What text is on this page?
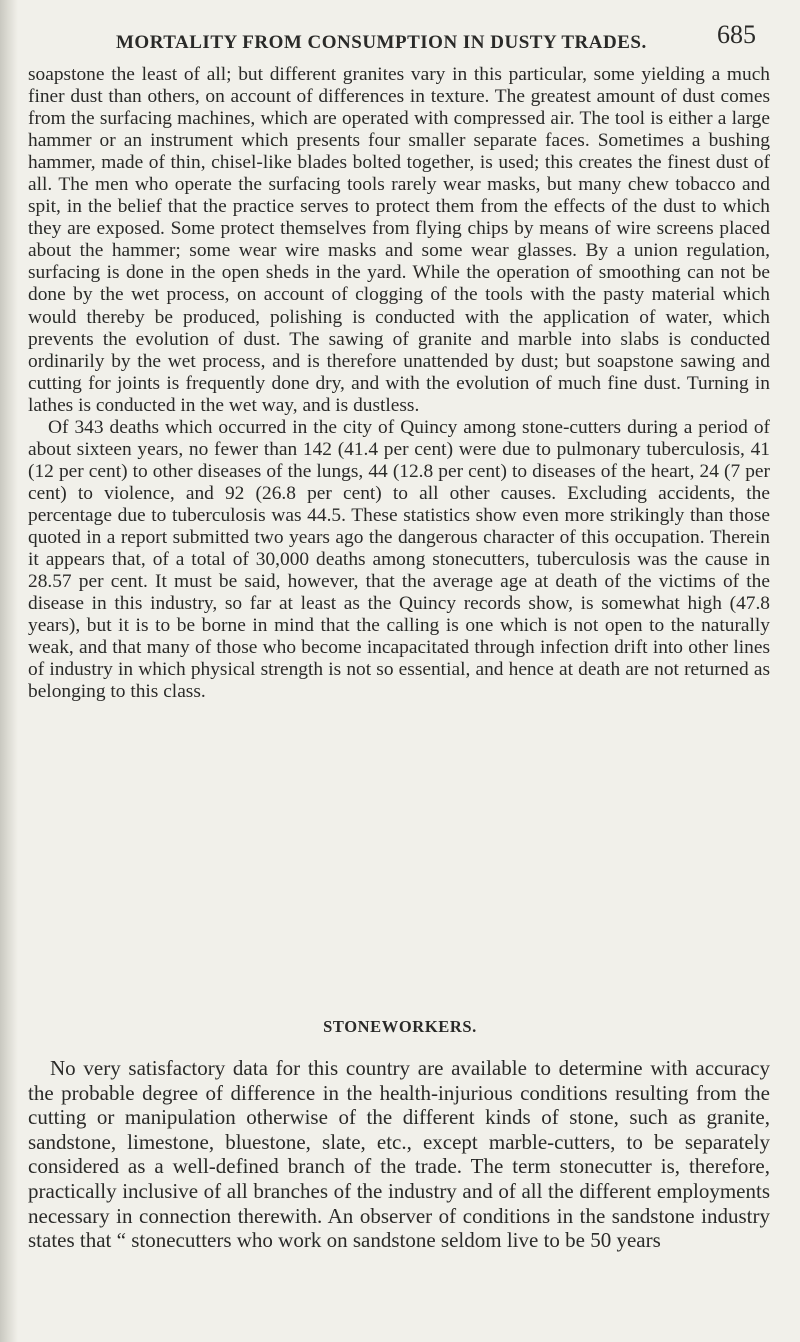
MORTALITY FROM CONSUMPTION IN DUSTY TRADES.	685

soapstone the least of all; but different granites vary in this particular, some yielding a much finer dust than others, on account of differences in texture. The greatest amount of dust comes from the surfacing machines, which are operated with compressed air. The tool is either a large hammer or an instrument which presents four smaller separate faces. Sometimes a bushing hammer, made of thin, chisel-like blades bolted together, is used; this creates the finest dust of all. The men who operate the surfacing tools rarely wear masks, but many chew tobacco and spit, in the belief that the practice serves to protect them from the effects of the dust to which they are exposed. Some protect themselves from flying chips by means of wire screens placed about the hammer; some wear wire masks and some wear glasses. By a union regulation, surfacing is done in the open sheds in the yard. While the operation of smoothing can not be done by the wet process, on account of clogging of the tools with the pasty material which would thereby be produced, polishing is conducted with the application of water, which prevents the evolution of dust. The sawing of granite and marble into slabs is conducted ordinarily by the wet process, and is therefore unattended by dust; but soapstone sawing and cutting for joints is frequently done dry, and with the evolution of much fine dust. Turning in lathes is conducted in the wet way, and is dustless.

Of 343 deaths which occurred in the city of Quincy among stone-cutters during a period of about sixteen years, no fewer than 142 (41.4 per cent) were due to pulmonary tuberculosis, 41 (12 per cent) to other diseases of the lungs, 44 (12.8 per cent) to diseases of the heart, 24 (7 per cent) to violence, and 92 (26.8 per cent) to all other causes. Excluding accidents, the percentage due to tuberculosis was 44.5. These statistics show even more strikingly than those quoted in a report submitted two years ago the dangerous character of this occupation. Therein it appears that, of a total of 30,000 deaths among stonecutters, tuberculosis was the cause in 28.57 per cent. It must be said, however, that the average age at death of the victims of the disease in this industry, so far at least as the Quincy records show, is somewhat high (47.8 years), but it is to be borne in mind that the calling is one which is not open to the naturally weak, and that many of those who become incapacitated through infection drift into other lines of industry in which physical strength is not so essential, and hence at death are not returned as belonging to this class.

STONEWORKERS.

No very satisfactory data for this country are available to determine with accuracy the probable degree of difference in the health-injurious conditions resulting from the cutting or manipulation otherwise of the different kinds of stone, such as granite, sandstone, limestone, bluestone, slate, etc., except marble-cutters, to be separately considered as a well-defined branch of the trade. The term stonecutter is, therefore, practically inclusive of all branches of the industry and of all the different employments necessary in connection therewith. An observer of conditions in the sandstone industry states that “ stonecutters who work on sandstone seldom live to be 50 years
